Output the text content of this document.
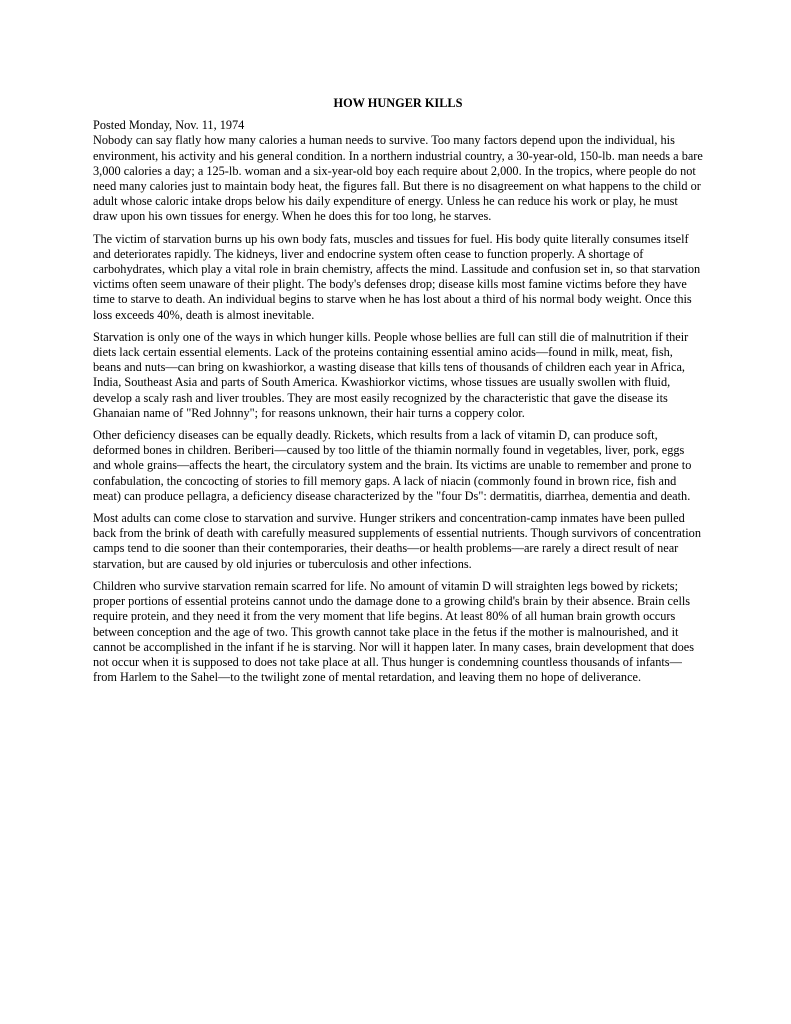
HOW HUNGER KILLS

Posted Monday, Nov. 11, 1974

Nobody can say flatly how many calories a human needs to survive. Too many factors depend upon the individual, his environment, his activity and his general condition. In a northern industrial country, a 30-year-old, 150-lb. man needs a bare 3,000 calories a day; a 125-lb. woman and a six-year-old boy each require about 2,000. In the tropics, where people do not need many calories just to maintain body heat, the figures fall. But there is no disagreement on what happens to the child or adult whose caloric intake drops below his daily expenditure of energy. Unless he can reduce his work or play, he must draw upon his own tissues for energy. When he does this for too long, he starves.

The victim of starvation burns up his own body fats, muscles and tissues for fuel. His body quite literally consumes itself and deteriorates rapidly. The kidneys, liver and endocrine system often cease to function properly. A shortage of carbohydrates, which play a vital role in brain chemistry, affects the mind. Lassitude and confusion set in, so that starvation victims often seem unaware of their plight. The body's defenses drop; disease kills most famine victims before they have time to starve to death. An individual begins to starve when he has lost about a third of his normal body weight. Once this loss exceeds 40%, death is almost inevitable.

Starvation is only one of the ways in which hunger kills. People whose bellies are full can still die of malnutrition if their diets lack certain essential elements. Lack of the proteins containing essential amino acids—found in milk, meat, fish, beans and nuts—can bring on kwashiorkor, a wasting disease that kills tens of thousands of children each year in Africa, India, Southeast Asia and parts of South America. Kwashiorkor victims, whose tissues are usually swollen with fluid, develop a scaly rash and liver troubles. They are most easily recognized by the characteristic that gave the disease its Ghanaian name of "Red Johnny"; for reasons unknown, their hair turns a coppery color.

Other deficiency diseases can be equally deadly. Rickets, which results from a lack of vitamin D, can produce soft, deformed bones in children. Beriberi—caused by too little of the thiamin normally found in vegetables, liver, pork, eggs and whole grains—affects the heart, the circulatory system and the brain. Its victims are unable to remember and prone to confabulation, the concocting of stories to fill memory gaps. A lack of niacin (commonly found in brown rice, fish and meat) can produce pellagra, a deficiency disease characterized by the "four Ds": dermatitis, diarrhea, dementia and death.

Most adults can come close to starvation and survive. Hunger strikers and concentration-camp inmates have been pulled back from the brink of death with carefully measured supplements of essential nutrients. Though survivors of concentration camps tend to die sooner than their contemporaries, their deaths—or health problems—are rarely a direct result of near starvation, but are caused by old injuries or tuberculosis and other infections.

Children who survive starvation remain scarred for life. No amount of vitamin D will straighten legs bowed by rickets; proper portions of essential proteins cannot undo the damage done to a growing child's brain by their absence. Brain cells require protein, and they need it from the very moment that life begins. At least 80% of all human brain growth occurs between conception and the age of two. This growth cannot take place in the fetus if the mother is malnourished, and it cannot be accomplished in the infant if he is starving. Nor will it happen later. In many cases, brain development that does not occur when it is supposed to does not take place at all. Thus hunger is condemning countless thousands of infants—from Harlem to the Sahel—to the twilight zone of mental retardation, and leaving them no hope of deliverance.
